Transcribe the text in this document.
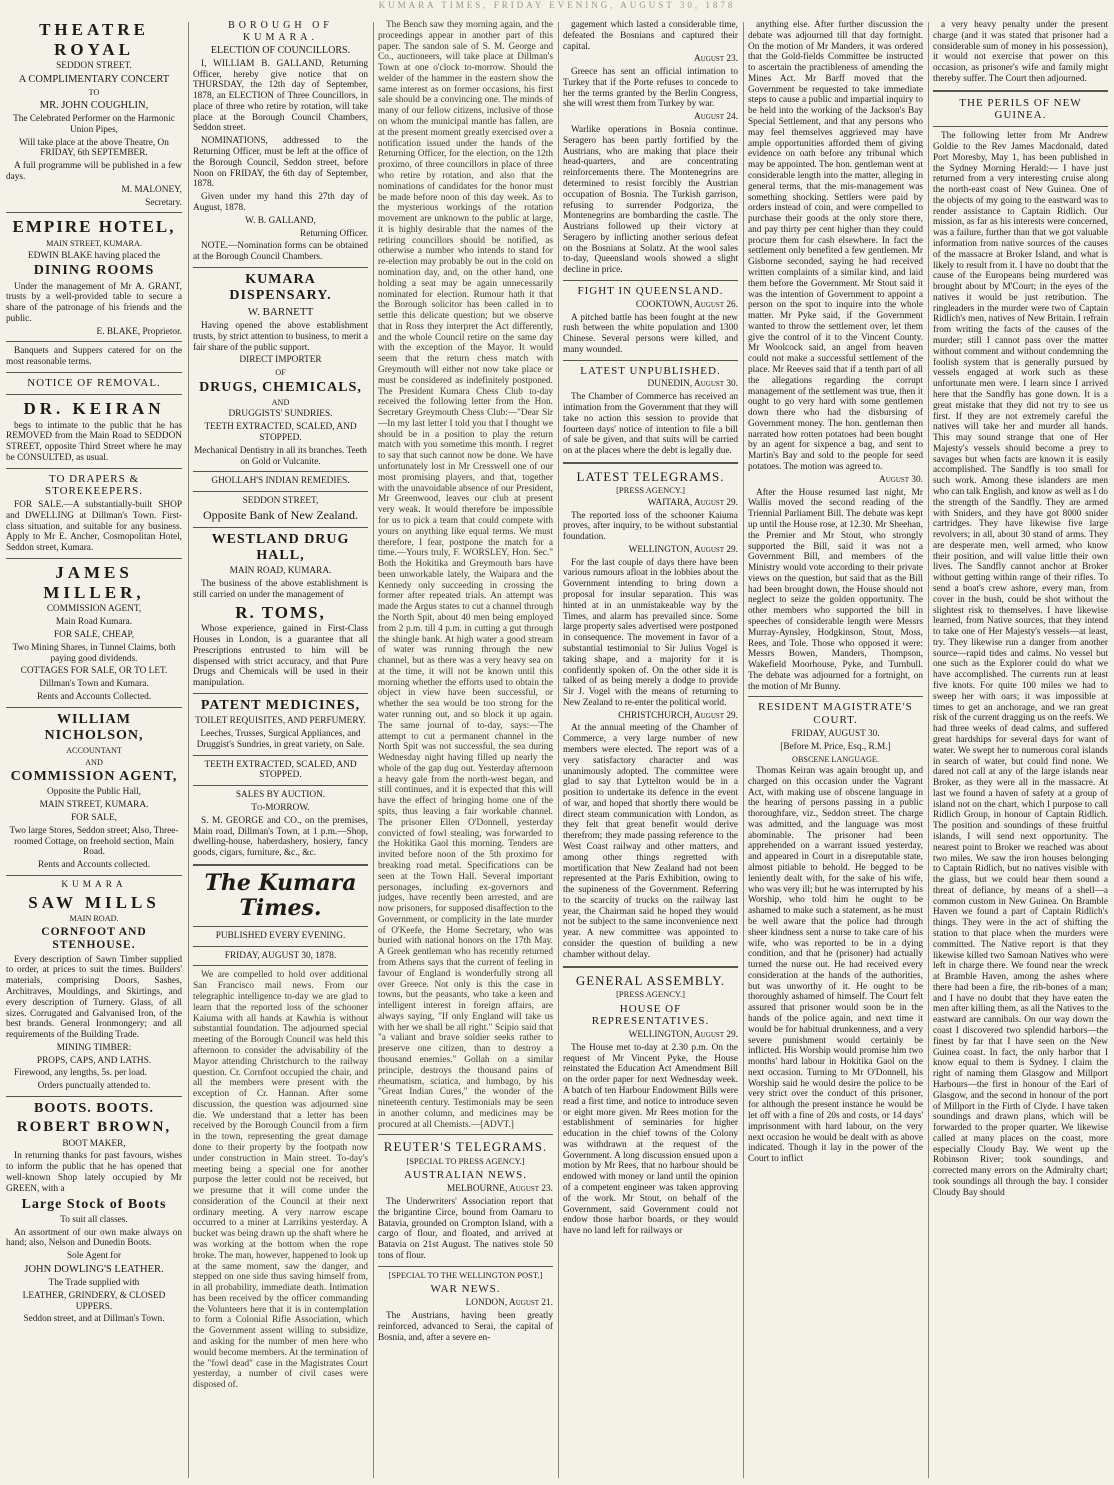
KUMARA TIMES, FRIDAY EVENING, AUGUST 30, 1878

THEATRE ROYAL

SEDDON STREET.

A COMPLIMENTARY CONCERT

TO

MR. JOHN COUGHLIN,

The Celebrated Performer on the Harmonic Union Pipes,

Will take place at the above Theatre, On FRIDAY, 6th SEPTEMBER.

A full programme will be published in a few days.

M. MALONEY,

Secretary.

EMPIRE HOTEL,

MAIN STREET, KUMARA.

EDWIN BLAKE having placed the

DINING ROOMS

Under the management of Mr A. GRANT, trusts by a well-provided table to secure a share of the patronage of his friends and the public.

E. BLAKE, Proprietor.

Banquets and Suppers catered for on the most reasonable terms.

NOTICE OF REMOVAL.

DR. KEIRAN

begs to intimate to the public that he has REMOVED from the Main Road to SEDDON STREET, opposite Third Street where he may be CONSULTED, as usual.

TO DRAPERS & STOREKEEPERS.

FOR SALE.—A substantially-built SHOP and DWELLING at Dillman's Town. First-class situation, and suitable for any business. Apply to Mr E. Ancher, Cosmopolitan Hotel, Seddon street, Kumara.

JAMES MILLER,

COMMISSION AGENT,

Main Road Kumara.

FOR SALE, CHEAP,

Two Mining Shares, in Tunnel Claims, both paying good dividends.

COTTAGES FOR SALE, OR TO LET.

Dillman's Town and Kumara.

Rents and Accounts Collected.

WILLIAM NICHOLSON,

ACCOUNTANT

AND

COMMISSION AGENT,

Opposite the Public Hall,

MAIN STREET, KUMARA.

FOR SALE,

Two large Stores, Seddon street; Also, Three-roomed Cottage, on freehold section, Main Road.

Rents and Accounts collected.

KUMARA

SAW MILLS

MAIN ROAD.

CORNFOOT AND STENHOUSE.

Every description of Sawn Timber supplied to order, at prices to suit the times. Builders' materials, comprising Doors, Sashes, Architraves, Mouldings, and Skirtings, and every description of Turnery. Glass, of all sizes. Corrugated and Galvanised Iron, of the best brands. General Ironmongery; and all requirements of the Building Trade.

MINING TIMBER:

PROPS, CAPS, AND LATHS.

Firewood, any lengths, 5s. per load.

Orders punctually attended to.

BOOTS. BOOTS.

ROBERT BROWN,

BOOT MAKER,

In returning thanks for past favours, wishes to inform the public that he has opened that well-known Shop lately occupied by Mr GREEN, with a

Large Stock of Boots

To suit all classes.

An assortment of our own make always on hand; also, Nelson and Dunedin Boots.

Sole Agent for

JOHN DOWLING'S LEATHER.

The Trade supplied with

LEATHER, GRINDERY, & CLOSED UPPERS.

Seddon street, and at Dillman's Town.

BOROUGH OF KUMARA.

ELECTION OF COUNCILLORS.

I, WILLIAM B. GALLAND, Returning Officer, hereby give notice that on THURSDAY, the 12th day of September, 1878, an ELECTION of Three Councillors, in place of three who retire by rotation, will take place at the Borough Council Chambers, Seddon street.

NOMINATIONS, addressed to the Returning Officer, must be left at the office of the Borough Council, Seddon street, before Noon on FRIDAY, the 6th day of September, 1878.

Given under my hand this 27th day of August, 1878.

W. B. GALLAND,

Returning Officer.

NOTE.—Nomination forms can be obtained at the Borough Council Chambers.

KUMARA DISPENSARY.

W. BARNETT

Having opened the above establishment trusts, by strict attention to business, to merit a fair share of the public support.

DIRECT IMPORTER

OF

DRUGS, CHEMICALS,

AND

DRUGGISTS' SUNDRIES.

TEETH EXTRACTED, SCALED, AND STOPPED.

Mechanical Dentistry in all its branches. Teeth on Gold or Vulcanite.

GHOLLAH'S INDIAN REMEDIES.

SEDDON STREET,

Opposite Bank of New Zealand.

WESTLAND DRUG HALL,

MAIN ROAD, KUMARA.

The business of the above establishment is still carried on under the management of

R. TOMS,

Whose experience, gained in First-Class Houses in London, is a guarantee that all Prescriptions entrusted to him will be dispensed with strict accuracy, and that Pure Drugs and Chemicals will be used in their manipulation.

PATENT MEDICINES,

TOILET REQUISITES, AND PERFUMERY.

Leeches, Trusses, Surgical Appliances, and Druggist's Sundries, in great variety, on Sale.

TEETH EXTRACTED, SCALED, AND STOPPED.

SALES BY AUCTION.

To-MORROW.

S. M. GEORGE and CO., on the premises, Main road, Dillman's Town, at 1 p.m.—Shop, dwelling-house, haberdashery, hosiery, fancy goods, cigars, furniture, &c., &c.

The Kumara Times.

PUBLISHED EVERY EVENING.

FRIDAY, AUGUST 30, 1878.

We are compelled to hold over additional San Francisco mail news. From our telegraphic intelligence to-day we are glad to learn that the reported loss of the schooner Kaiuma with all hands at Kawhia is without substantial foundation. The adjourned special meeting of the Borough Council was held this afternoon to consider the advisability of the Mayor attending Christchurch to the railway question. Cr. Cornfoot occupied the chair, and all the members were present with the exception of Cr. Hannan. After some discussion, the question was adjourned sine die. We understand that a letter has been received by the Borough Council from a firm in the town, representing the great damage done to their property by the footpath now under construction in Main street. To-day's meeting being a special one for another purpose the letter could not be received, but we presume that it will come under the consideration of the Council at their next ordinary meeting. A very narrow escape occurred to a miner at Larrikins yesterday. A bucket was being drawn up the shaft where he was working at the bottom when the rope broke. The man, however, happened to look up at the same moment, saw the danger, and stepped on one side thus saving himself from, in all probability, immediate death. Intimation has been received by the officer commanding the Volunteers here that it is in contemplation to form a Colonial Rifle Association, which the Government assent willing to subsidize, and asking for the number of men here who would become members. At the termination of the "fowl dead" case in the Magistrates Court yesterday, a number of civil cases were disposed of.

The Bench saw they morning again, and the proceedings appear in another part of this paper. The sandon sale of S. M. George and Co., auctioneers, will take place at Dillman's Town at one o'clock to-morrow. Should the welder of the hammer in the eastern show the same interest as on former occasions, his first sale should be a convincing one. The minds of many of our fellow citizens, inclusive of those on whom the municipal mantle has fallen, are at the present moment greatly exercised over a notification issued under the hands of the Returning Officer, for the election, on the 12th proximo, of three councillors in place of three who retire by rotation, and also that the nominations of candidates for the honor must be made before noon of this day week. As to the mysterious workings of the rotation movement are unknown to the public at large, it is highly desirable that the names of the retiring councillors should be notified, as otherwise a number who intends to stand for re-election may probably be out in the cold on nomination day, and, on the other hand, one holding a seat may be again unnecessarily nominated for election. Rumour hath it that the Borough solicitor has been called in to settle this delicate question; but we observe that in Ross they interpret the Act differently, and the whole Council retire on the same day with the exception of the Mayor. It would seem that the return chess match with Greymouth will either not now take place or must be considered as indefinitely postponed. The President Kumara Chess Club to-day received the following letter from the Hon. Secretary Greymouth Chess Club:—"Dear Sir—In my last letter I told you that I thought we should be in a position to play the return match with you sometime this month. I regret to say that such cannot now be done. We have unfortunately lost in Mr Cresswell one of our most promising players, and that, together with the unavoidable absence of our President, Mr Greenwood, leaves our club at present very weak. It would therefore be impossible for us to pick a team that could compete with yours on anything like equal terms. We must therefore, I fear, postpone the match for a time.—Yours truly, F. WORSLEY, Hon. Sec." Both the Hokitika and Greymouth bars have been unworkable lately, the Waipara and the Kennedy only succeeding in crossing the former after repeated trials. An attempt was made the Argus states to cut a channel through the North Spit, about 40 men being employed from 2 p.m. till 4 p.m. in cutting a gut through the shingle bank. At high water a good stream of water was running through the new channel, but as there was a very heavy sea on at the time, it will not be known until this morning whether the efforts used to obtain the object in view have been successful, or whether the sea would be too strong for the water running out, and so block it up again. The same journal of to-day, says:—The attempt to cut a permanent channel in the North Spit was not successful, the sea during Wednesday night having filled up nearly the whole of the gap dug out. Yesterday afternoon a heavy gale from the north-west began, and still continues, and it is expected that this will have the effect of bringing home one of the spits, thus leaving a fair workable channel. The prisoner Ellen O'Donnell, yesterday convicted of fowl stealing, was forwarded to the Hokitika Gaol this morning. Tenders are invited before noon of the 5th proximo for breaking road metal. Specifications can be seen at the Town Hall. Several important personages, including ex-governors and judges, have recently been arrested, and are now prisoners, for supposed disaffection to the Government, or complicity in the late murder of O'Keefe, the Home Secretary, who was buried with national honors on the 17th May. A Greek gentleman who has recently returned from Athens says that the current of feeling in favour of England is wonderfully strong all over Greece. Not only is this the case in towns, but the peasants, who take a keen and intelligent interest in foreign affairs, are always saying, "If only England will take us with her we shall be all right." Scipio said that "a valiant and brave soldier seeks rather to preserve one citizen, than to destroy a thousand enemies." Gollah on a similar principle, destroys the thousand pains of rheumatism, sciatica, and lumbago, by his "Great Indian Cures," the wonder of the nineteenth century. Testimonials may be seen in another column, and medicines may be procured at all Chemists.—[ADVT.]

REUTER'S TELEGRAMS.

[SPECIAL TO PRESS AGENCY.]

AUSTRALIAN NEWS.

MELBOURNE, August 23.

The Underwriters' Association report that the brigantine Circe, bound from Oamaru to Batavia, grounded on Crompton Island, with a cargo of flour, and floated, and arrived at Batavia on 21st August. The natives stole 50 tons of flour.

[SPECIAL TO THE WELLINGTON POST.]

WAR NEWS.

LONDON, August 21.

The Austrians, having been greatly reinforced, advanced to Serai, the capital of Bosnia, and, after a severe en-

gagement which lasted a considerable time, defeated the Bosnians and captured their capital.

August 23.

Greece has sent an official intimation to Turkey that if the Porte refuses to concede to her the terms granted by the Berlin Congress, she will wrest them from Turkey by war.

August 24.

Warlike operations in Bosnia continue. Seragero has been partly fortified by the Austrians, who are making that place their head-quarters, and are concentrating reinforcements there. The Montenegrins are determined to resist forcibly the Austrian occupation of Bosnia. The Turkish garrison, refusing to surrender Podgoriza, the Montenegrins are bombarding the castle. The Austrians followed up their victory at Seragero by inflicting another serious defeat on the Bosnians at Solatz. At the wool sales to-day, Queensland wools showed a slight decline in price.

FIGHT IN QUEENSLAND.

COOKTOWN, August 26.

A pitched battle has been fought at the new rush between the white population and 1300 Chinese. Several persons were killed, and many wounded.

LATEST UNPUBLISHED.

DUNEDIN, August 30.

The Chamber of Commerce has received an intimation from the Government that they will take no action this session to provide that fourteen days' notice of intention to file a bill of sale be given, and that suits will be carried on at the places where the debt is legally due.

LATEST TELEGRAMS.

[PRESS AGENCY.]

WAITARA, August 29.

The reported loss of the schooner Kaiuma proves, after inquiry, to be without substantial foundation.

WELLINGTON, August 29.

For the last couple of days there have been various rumours afloat in the lobbies about the Government intending to bring down a proposal for insular separation. This was hinted at in an unmistakeable way by the Times, and alarm has prevailed since. Some large property sales advertised were postponed in consequence. The movement in favor of a substantial testimonial to Sir Julius Vogel is taking shape, and a majority for it is confidently spoken of. On the other side it is talked of as being merely a dodge to provide Sir J. Vogel with the means of returning to New Zealand to re-enter the political world.

CHRISTCHURCH, August 29.

At the annual meeting of the Chamber of Commerce, a very large number of new members were elected. The report was of a very satisfactory character and was unanimously adopted. The committee were glad to say that Lyttelton would be in a position to undertake its defence in the event of war, and hoped that shortly there would be direct steam communication with London, as they felt that great benefit would derive therefrom; they made passing reference to the West Coast railway and other matters, and among other things regretted with mortification that New Zealand had not been represented at the Paris Exhibition, owing to the supineness of the Government. Referring to the scarcity of trucks on the railway last year, the Chairman said he hoped they would not be subject to the same inconvenience next year. A new committee was appointed to consider the question of building a new chamber without delay.

GENERAL ASSEMBLY.

[PRESS AGENCY.]

HOUSE OF REPRESENTATIVES.

WELLINGTON, August 29.

The House met to-day at 2.30 p.m. On the request of Mr Vincent Pyke, the House reinstated the Education Act Amendment Bill on the order paper for next Wednesday week. A batch of ten Harbour Endowment Bills were read a first time, and notice to introduce seven or eight more given. Mr Rees motion for the establishment of seminaries for higher education in the chief towns of the Colony was withdrawn at the request of the Government. A long discussion ensued upon a motion by Mr Rees, that no harbour should be endowed with money or land until the opinion of a competent engineer was taken approving of the work. Mr Stout, on behalf of the Government, said Government could not endow those harbor boards, or they would have no land left for railways or

anything else. After further discussion the debate was adjourned till that day fortnight. On the motion of Mr Manders, it was ordered that the Gold-fields Committee be instructed to ascertain the practibleness of amending the Mines Act. Mr Barff moved that the Government be requested to take immediate steps to cause a public and impartial inquiry to be held into the working of the Jackson's Bay Special Settlement, and that any persons who may feel themselves aggrieved may have ample opportunities afforded them of giving evidence on oath before any tribunal which may be appointed. The hon. gentleman went at considerable length into the matter, alleging in general terms, that the mis-management was something shocking. Settlers were paid by orders instead of coin, and were compelled to purchase their goods at the only store there, and pay thirty per cent higher than they could procure them for cash elsewhere. In fact the settlement only benefited a few gentlemen. Mr Gisborne seconded, saying he had received written complaints of a similar kind, and laid them before the Government. Mr Stout said it was the intention of Government to appoint a person on the spot to inquire into the whole matter. Mr Pyke said, if the Government wanted to throw the settlement over, let them give the control of it to the Vincent County. Mr Woolcock said, an angel from heaven could not make a successful settlement of the place. Mr Reeves said that if a tenth part of all the allegations regarding the corrupt management of the settlement was true, then it ought to go very hard with some gentlemen down there who had the disbursing of Government money. The hon. gentleman then narrated how rotten potatoes had been bought by an agent for sixpence a bag, and sent to Martin's Bay and sold to the people for seed potatoes. The motion was agreed to.

August 30.

After the House resumed last night, Mr Wallis moved the second reading of the Triennial Parliament Bill. The debate was kept up until the House rose, at 12.30. Mr Sheehan, the Premier and Mr Stout, who strongly supported the Bill, said it was not a Government Bill, and members of the Ministry would vote according to their private views on the question, but said that as the Bill had been brought down, the House should not neglect to seize the golden opportunity. The other members who supported the bill in speeches of considerable length were Messrs Murray-Aynsley, Hodgkinson, Stout, Moss, Rees, and Tole. Those who opposed it were: Messrs Bowen, Manders, Thompson, Wakefield Moorhouse, Pyke, and Turnbull. The debate was adjourned for a fortnight, on the motion of Mr Bunny.

RESIDENT MAGISTRATE'S COURT.

FRIDAY, AUGUST 30.

[Before M. Price, Esq., R.M.]

OBSCENE LANGUAGE.

Thomas Keiran was again brought up, and charged on this occasion under the Vagrant Act, with making use of obscene language in the hearing of persons passing in a public thoroughfare, viz., Seddon street. The charge was admitted, and the language was most abominable. The prisoner had been apprehended on a warrant issued yesterday, and appeared in Court in a disreputable state, almost pitiable to behold. He begged to be leniently dealt with, for the sake of his wife, who was very ill; but he was interrupted by his Worship, who told him he ought to be ashamed to make such a statement, as he must be well aware that the police had through sheer kindness sent a nurse to take care of his wife, who was reported to be in a dying condition, and that he (prisoner) had actually turned the nurse out. He had received every consideration at the hands of the authorities, but was unworthy of it. He ought to be thoroughly ashamed of himself. The Court felt assured that prisoner would soon be in the hands of the police again, and next time it would be for habitual drunkenness, and a very severe punishment would certainly be inflicted. His Worship would promise him two months' hard labour in Hokitika Gaol on the next occasion. Turning to Mr O'Donnell, his Worship said he would desire the police to be very strict over the conduct of this prisoner, for although the present instance he would be let off with a fine of 20s and costs, or 14 days' imprisonment with hard labour, on the very next occasion he would be dealt with as above indicated. Though it lay in the power of the Court to inflict

a very heavy penalty under the present charge (and it was stated that prisoner had a considerable sum of money in his possession), it would not exercise that power on this occasion, as prisoner's wife and family might thereby suffer. The Court then adjourned.

THE PERILS OF NEW GUINEA.

The following letter from Mr Andrew Goldie to the Rev James Macdonald, dated Port Moresby, May 1, has been published in the Sydney Morning Herald:— I have just returned from a very interesting cruise along the north-east coast of New Guinea. One of the objects of my going to the eastward was to render assistance to Captain Ridlich. Our mission, as far as his interests were concerned, was a failure, further than that we got valuable information from native sources of the causes of the massacre at Broker Island, and what is likely to result from it. I have no doubt that the cause of the Europeans being murdered was brought about by M'Court; in the eyes of the natives it would be just retribution. The ringleaders in the murder were two of Captain Ridlich's men, natives of New Britain. I refrain from writing the facts of the causes of the murder; still I cannot pass over the matter without comment and without condemning the foolish system that is generally pursued by vessels engaged at work such as these unfortunate men were. I learn since I arrived here that the Sandfly has gone down. It is a great mistake that they did not try to see us first. If they are not extremely careful the natives will take her and murder all hands. This may sound strange that one of Her Majesty's vessels should become a prey to savages but when facts are known it is easily accomplished. The Sandfly is too small for such work. Among these islanders are men who can talk English, and know as well as I do the strength of the Sandfly. They are armed with Sniders, and they have got 8000 snider cartridges. They have likewise five large revolvers; in all, about 30 stand of arms. They are desperate men, well armed, who know their position, and will value little their own lives. The Sandfly cannot anchor at Broker without getting within range of their rifles. To send a boat's crew ashore, every man, from cover in the bush, could be shot without the slightest risk to themselves. I have likewise learned, from Native sources, that they intend to take one of Her Majesty's vessels—at least, try. They likewise run a danger from another source—rapid tides and calms. No vessel but one such as the Explorer could do what we have accomplished. The currents run at least five knots. For quite 100 miles we had to sweep her with oars; it was impossible at times to get an anchorage, and we ran great risk of the current dragging us on the reefs. We had three weeks of dead calms, and suffered great hardships for several days for want of water. We swept her to numerous coral islands in search of water, but could find none. We dared not call at any of the large islands near Broker, as they were all in the massacre. At last we found a haven of safety at a group of island not on the chart, which I purpose to call Ridlich Group, in honour of Captain Ridlich. The position and soundings of these fruitful islands, I will send next opportunity. The nearest point to Broker we reached was about two miles. We saw the iron houses belonging to Captain Ridlich, but no natives visible with the glass, but we could hear them sound a threat of defiance, by means of a shell—a common custom in New Guinea. On Bramble Haven we found a part of Captain Ridlich's things. They were in the act of shifting the station to that place when the murders were committed. The Native report is that they likewise killed two Samoan Natives who were left in charge there. We found near the wreck at Bramble Haven, among the ashes where there had been a fire, the rib-bones of a man; and I have no doubt that they have eaten the men after killing them, as all the Natives to the eastward are cannibals. On our way down the coast I discovered two splendid harbors—the finest by far that I have seen on the New Guinea coast. In fact, the only harbor that I know equal to them is Sydney. I claim the right of naming them Glasgow and Millport Harbours—the first in honour of the Earl of Glasgow, and the second in honour of the port of Millport in the Firth of Clyde. I have taken soundings and drawn plans, which will be forwarded to the proper quarter. We likewise called at many places on the coast, more especially Cloudy Bay. We went up the Robinson River; took soundings, and corrected many errors on the Admiralty chart; took soundings all through the bay. I consider Cloudy Bay should
